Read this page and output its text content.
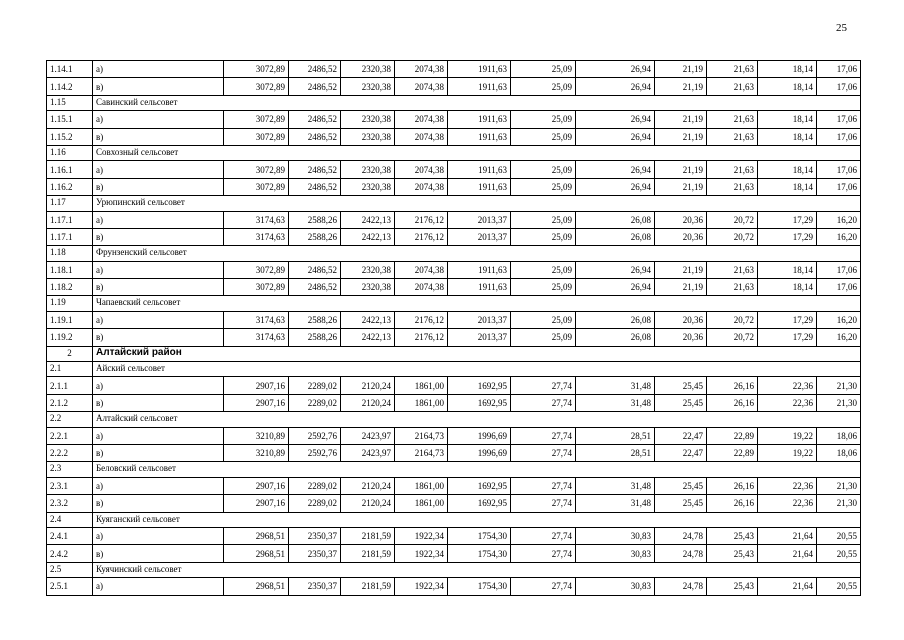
25
1.14.1	а)	3072,89	2486,52	2320,38	2074,38	1911,63	25,09	26,94	21,19	21,63	18,14	17,06
1.14.2	в)	3072,89	2486,52	2320,38	2074,38	1911,63	25,09	26,94	21,19	21,63	18,14	17,06
1.15	Савинский сельсовет											
1.15.1	а)	3072,89	2486,52	2320,38	2074,38	1911,63	25,09	26,94	21,19	21,63	18,14	17,06
1.15.2	в)	3072,89	2486,52	2320,38	2074,38	1911,63	25,09	26,94	21,19	21,63	18,14	17,06
1.16	Совхозный сельсовет											
1.16.1	а)	3072,89	2486,52	2320,38	2074,38	1911,63	25,09	26,94	21,19	21,63	18,14	17,06
1.16.2	в)	3072,89	2486,52	2320,38	2074,38	1911,63	25,09	26,94	21,19	21,63	18,14	17,06
1.17	Урюпинский сельсовет											
1.17.1	а)	3174,63	2588,26	2422,13	2176,12	2013,37	25,09	26,08	20,36	20,72	17,29	16,20
1.17.1	в)	3174,63	2588,26	2422,13	2176,12	2013,37	25,09	26,08	20,36	20,72	17,29	16,20
1.18	Фрунзенский сельсовет											
1.18.1	а)	3072,89	2486,52	2320,38	2074,38	1911,63	25,09	26,94	21,19	21,63	18,14	17,06
1.18.2	в)	3072,89	2486,52	2320,38	2074,38	1911,63	25,09	26,94	21,19	21,63	18,14	17,06
1.19	Чапаевский сельсовет											
1.19.1	а)	3174,63	2588,26	2422,13	2176,12	2013,37	25,09	26,08	20,36	20,72	17,29	16,20
1.19.2	в)	3174,63	2588,26	2422,13	2176,12	2013,37	25,09	26,08	20,36	20,72	17,29	16,20
2	Алтайский район											
2.1	Айский сельсовет											
2.1.1	а)	2907,16	2289,02	2120,24	1861,00	1692,95	27,74	31,48	25,45	26,16	22,36	21,30
2.1.2	в)	2907,16	2289,02	2120,24	1861,00	1692,95	27,74	31,48	25,45	26,16	22,36	21,30
2.2	Алтайский сельсовет											
2.2.1	а)	3210,89	2592,76	2423,97	2164,73	1996,69	27,74	28,51	22,47	22,89	19,22	18,06
2.2.2	в)	3210,89	2592,76	2423,97	2164,73	1996,69	27,74	28,51	22,47	22,89	19,22	18,06
2.3	Беловский сельсовет											
2.3.1	а)	2907,16	2289,02	2120,24	1861,00	1692,95	27,74	31,48	25,45	26,16	22,36	21,30
2.3.2	в)	2907,16	2289,02	2120,24	1861,00	1692,95	27,74	31,48	25,45	26,16	22,36	21,30
2.4	Куяганский сельсовет											
2.4.1	а)	2968,51	2350,37	2181,59	1922,34	1754,30	27,74	30,83	24,78	25,43	21,64	20,55
2.4.2	в)	2968,51	2350,37	2181,59	1922,34	1754,30	27,74	30,83	24,78	25,43	21,64	20,55
2.5	Куячинский сельсовет											
2.5.1	а)	2968,51	2350,37	2181,59	1922,34	1754,30	27,74	30,83	24,78	25,43	21,64	20,55
